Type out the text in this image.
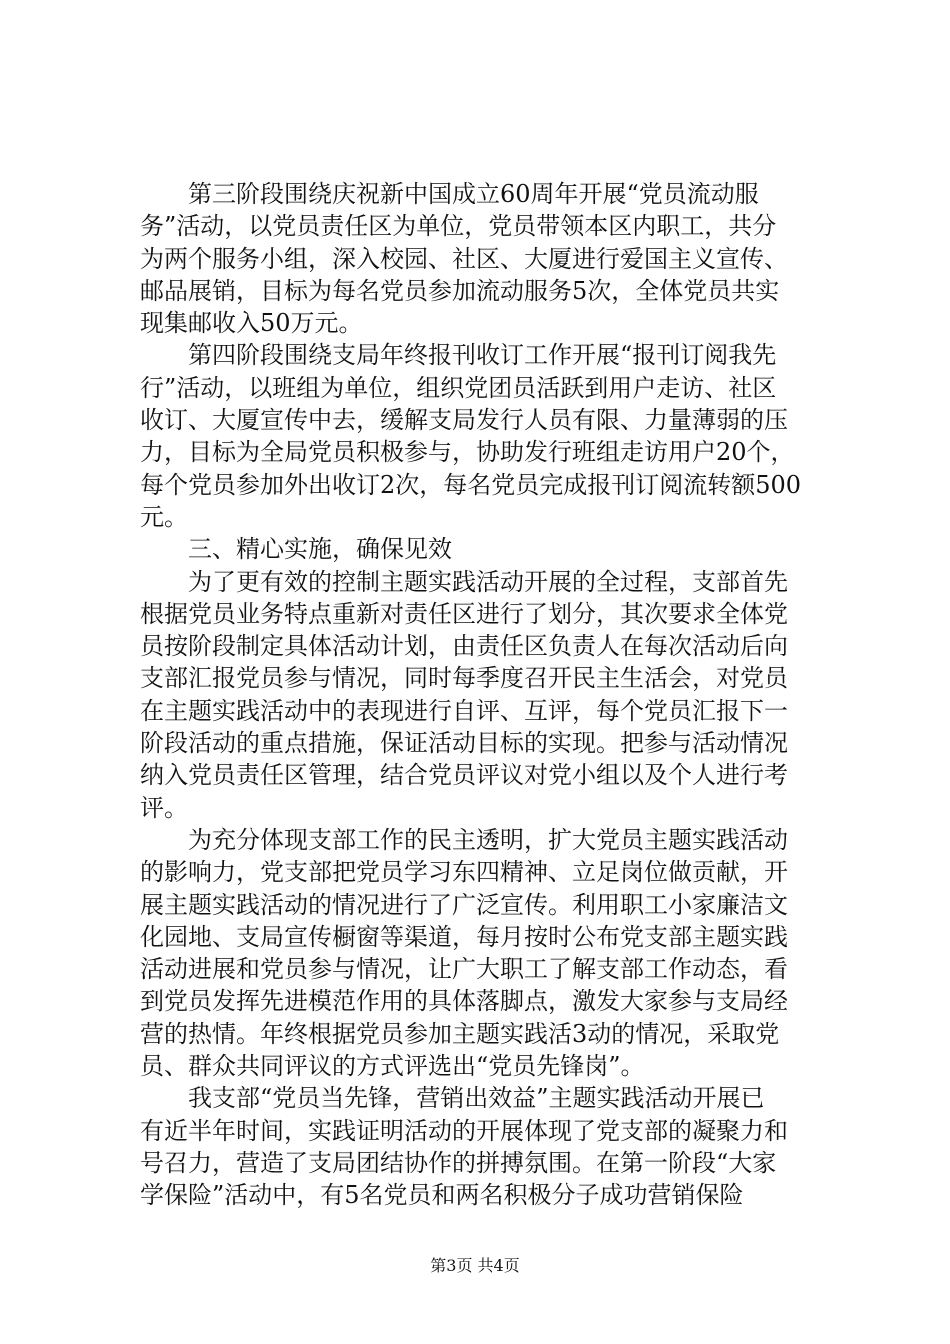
　　第三阶段围绕庆祝新中国成立60周年开展“党员流动服
务”活动，以党员责任区为单位，党员带领本区内职工，共分
为两个服务小组，深入校园、社区、大厦进行爱国主义宣传、
邮品展销，目标为每名党员参加流动服务5次，全体党员共实
现集邮收入50万元。
　　第四阶段围绕支局年终报刊收订工作开展“报刊订阅我先
行”活动，以班组为单位，组织党团员活跃到用户走访、社区
收订、大厦宣传中去，缓解支局发行人员有限、力量薄弱的压
力，目标为全局党员积极参与，协助发行班组走访用户20个，
每个党员参加外出收订2次，每名党员完成报刊订阅流转额500
元。
　　三、精心实施，确保见效
　　为了更有效的控制主题实践活动开展的全过程，支部首先
根据党员业务特点重新对责任区进行了划分，其次要求全体党
员按阶段制定具体活动计划，由责任区负责人在每次活动后向
支部汇报党员参与情况，同时每季度召开民主生活会，对党员
在主题实践活动中的表现进行自评、互评，每个党员汇报下一
阶段活动的重点措施，保证活动目标的实现。把参与活动情况
纳入党员责任区管理，结合党员评议对党小组以及个人进行考
评。
　　为充分体现支部工作的民主透明，扩大党员主题实践活动
的影响力，党支部把党员学习东四精神、立足岗位做贡献，开
展主题实践活动的情况进行了广泛宣传。利用职工小家廉洁文
化园地、支局宣传橱窗等渠道，每月按时公布党支部主题实践
活动进展和党员参与情况，让广大职工了解支部工作动态，看
到党员发挥先进模范作用的具体落脚点，激发大家参与支局经
营的热情。年终根据党员参加主题实践活3动的情况，采取党
员、群众共同评议的方式评选出“党员先锋岗”。
　　我支部“党员当先锋，营销出效益”主题实践活动开展已
有近半年时间，实践证明活动的开展体现了党支部的凝聚力和
号召力，营造了支局团结协作的拼搏氛围。在第一阶段“大家
学保险”活动中，有5名党员和两名积极分子成功营销保险
第3页 共4页
